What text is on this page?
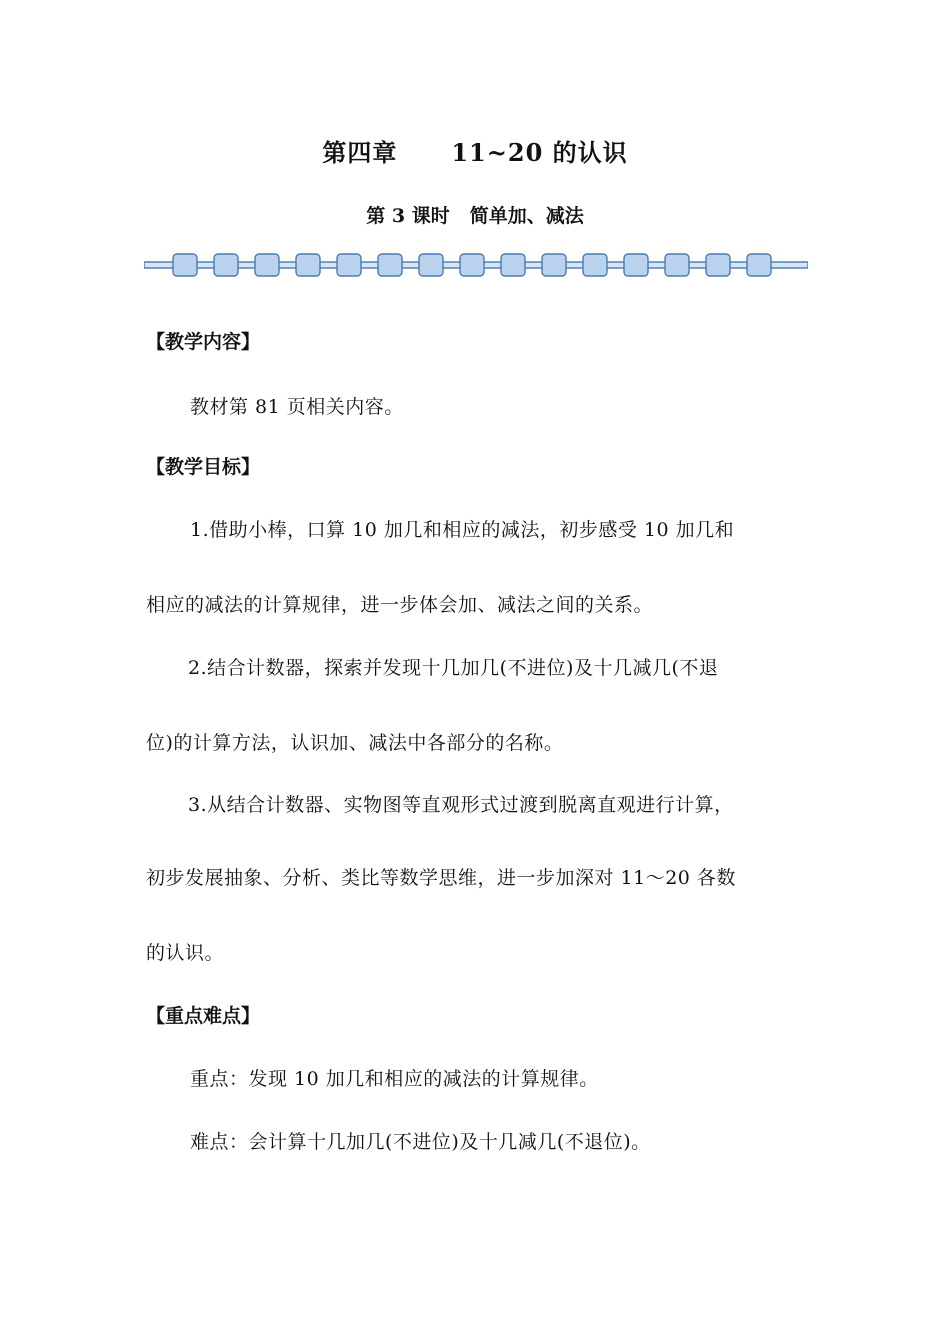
第四章 11~20 的认识
第 3 课时 简单加、减法
【教学内容】
教材第 81 页相关内容。
【教学目标】
1.借助小棒，口算 10 加几和相应的减法，初步感受 10 加几和
相应的减法的计算规律，进一步体会加、减法之间的关系。
2.结合计数器，探索并发现十几加几(不进位)及十几减几(不退
位)的计算方法，认识加、减法中各部分的名称。
3.从结合计数器、实物图等直观形式过渡到脱离直观进行计算，
初步发展抽象、分析、类比等数学思维，进一步加深对 11～20 各数
的认识。
【重点难点】
重点：发现 10 加几和相应的减法的计算规律。
难点：会计算十几加几(不进位)及十几减几(不退位)。
